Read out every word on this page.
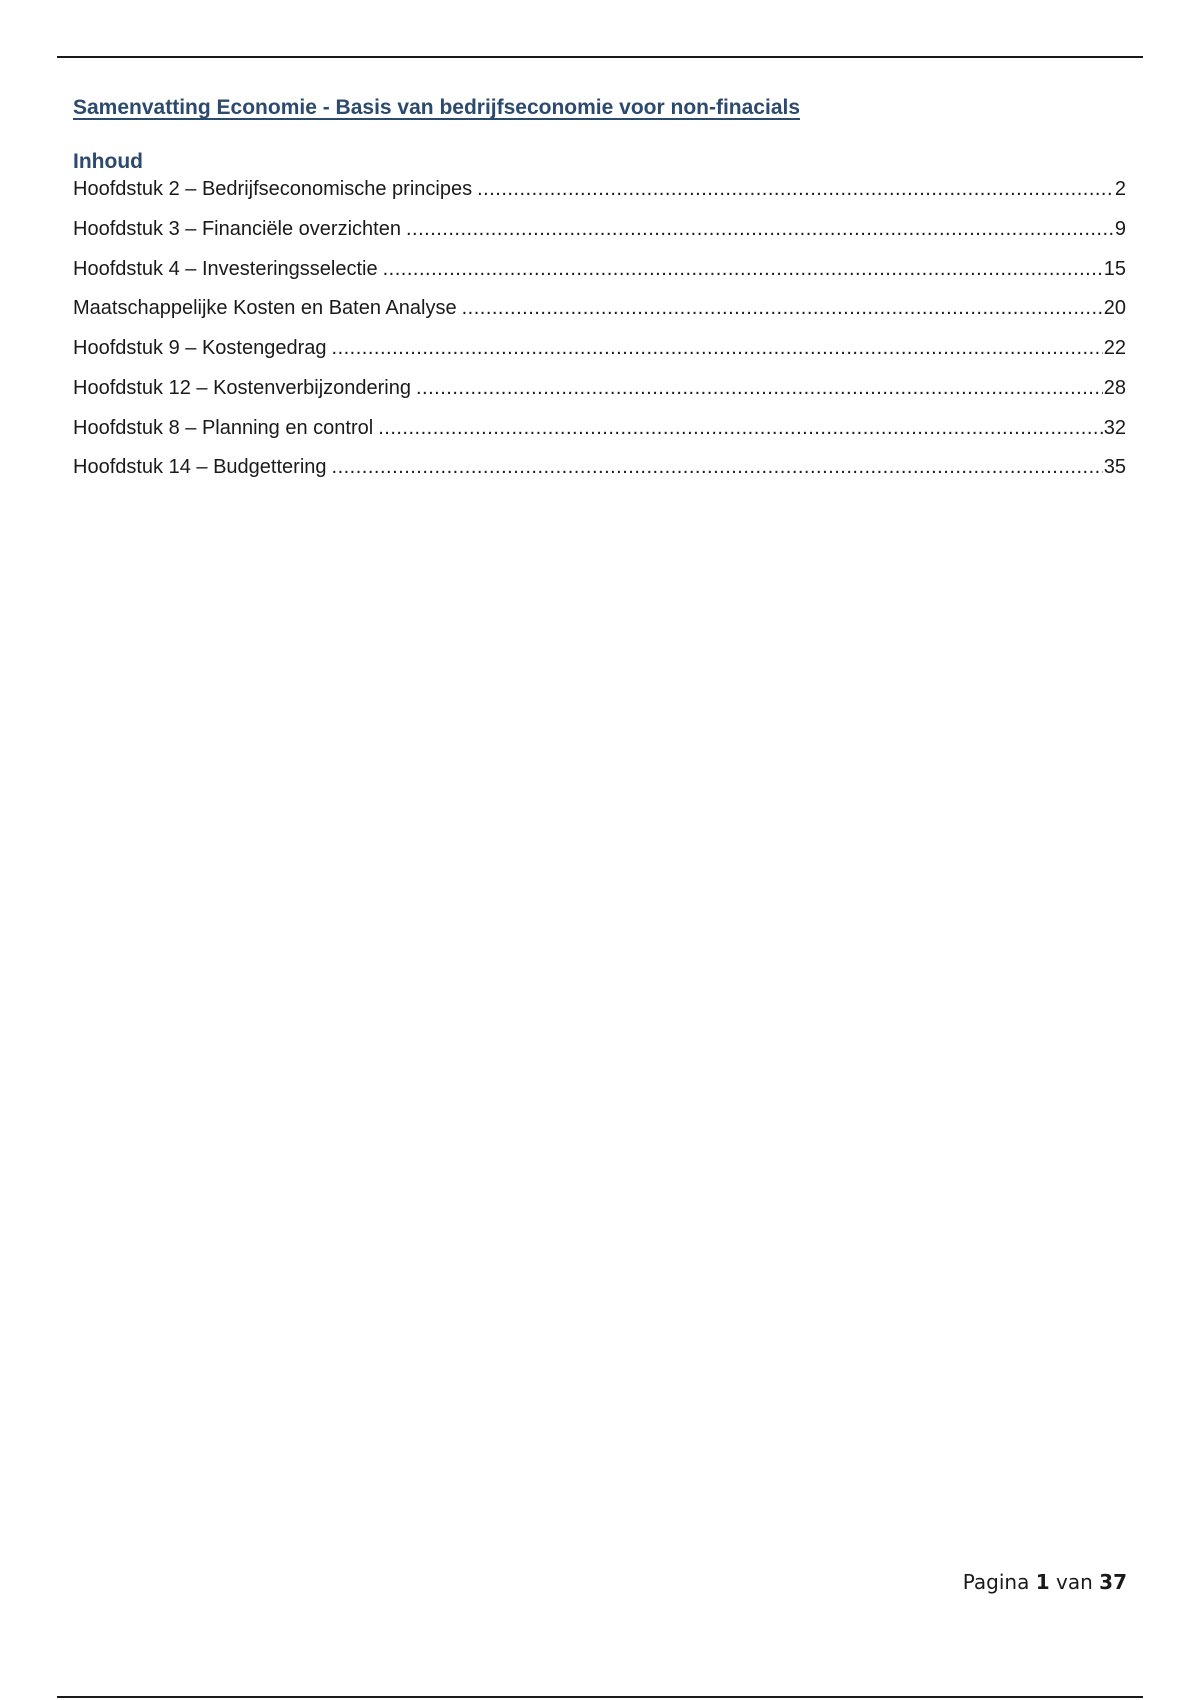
Samenvatting Economie - Basis van bedrijfseconomie voor non-finacials
Inhoud
Hoofdstuk 2 – Bedrijfseconomische principes .....	2
Hoofdstuk 3 – Financiële overzichten .....	9
Hoofdstuk 4 – Investeringsselectie .....	15
Maatschappelijke Kosten en Baten Analyse .....	20
Hoofdstuk 9 – Kostengedrag .....	22
Hoofdstuk 12 – Kostenverbijzondering .....	28
Hoofdstuk 8 – Planning en control .....	32
Hoofdstuk 14 – Budgettering .....	35
Pagina 1 van 37
